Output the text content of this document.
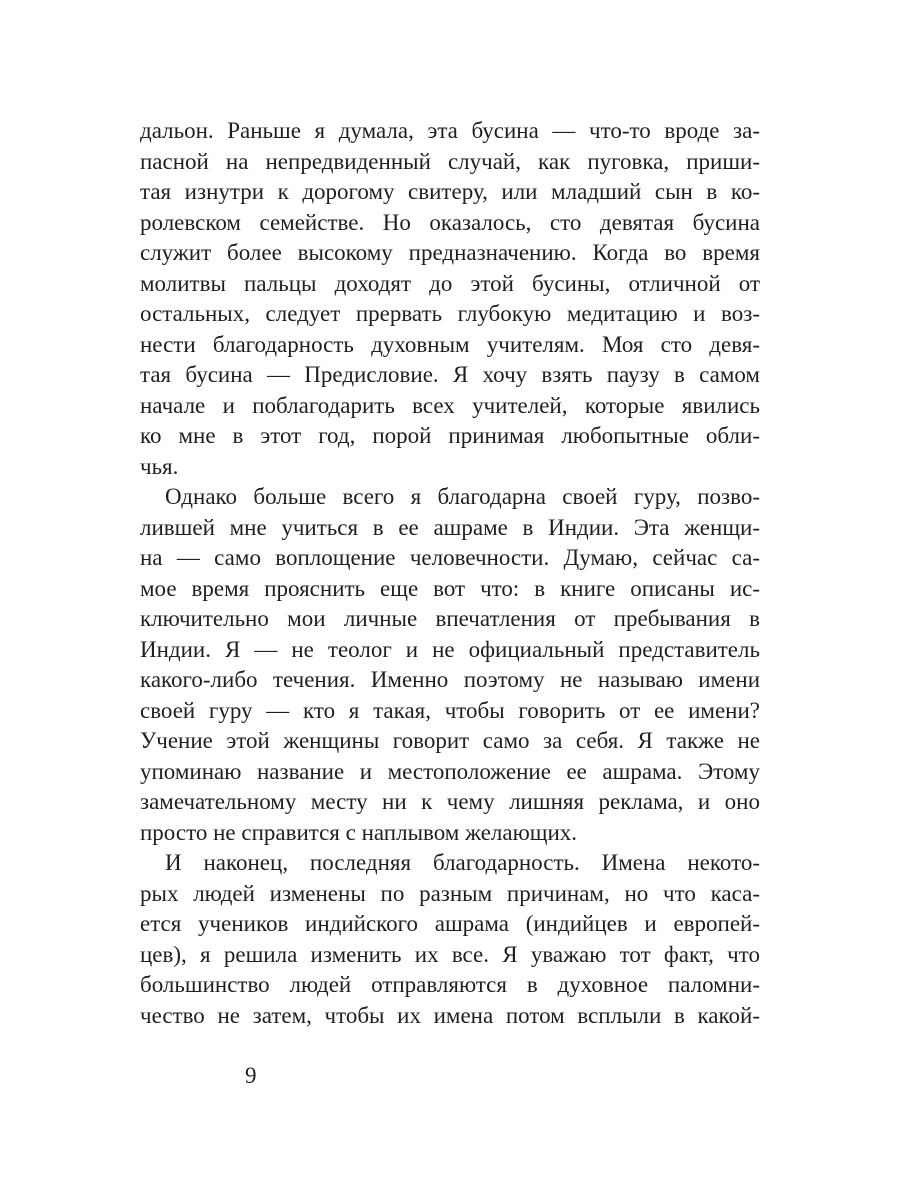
дальон. Раньше я думала, эта бусина — что-то вроде за-
пасной на непредвиденный случай, как пуговка, приши-
тая изнутри к дорогому свитеру, или младший сын в ко-
ролевском семействе. Но оказалось, сто девятая бусина
служит более высокому предназначению. Когда во время
молитвы пальцы доходят до этой бусины, отличной от
остальных, следует прервать глубокую медитацию и воз-
нести благодарность духовным учителям. Моя сто девя-
тая бусина — Предисловие. Я хочу взять паузу в самом
начале и поблагодарить всех учителей, которые явились
ко мне в этот год, порой принимая любопытные обли-
чья.

Однако больше всего я благодарна своей гуру, позво-
лившей мне учиться в ее ашраме в Индии. Эта женщи-
на — само воплощение человечности. Думаю, сейчас са-
мое время прояснить еще вот что: в книге описаны ис-
ключительно мои личные впечатления от пребывания в
Индии. Я — не теолог и не официальный представитель
какого-либо течения. Именно поэтому не называю имени
своей гуру — кто я такая, чтобы говорить от ее имени?
Учение этой женщины говорит само за себя. Я также не
упоминаю название и местоположение ее ашрама. Этому
замечательному месту ни к чему лишняя реклама, и оно
просто не справится с наплывом желающих.

И наконец, последняя благодарность. Имена некото-
рых людей изменены по разным причинам, но что каса-
ется учеников индийского ашрама (индийцев и европей-
цев), я решила изменить их все. Я уважаю тот факт, что
большинство людей отправляются в духовное паломни-
чество не затем, чтобы их имена потом всплыли в какой-

9
